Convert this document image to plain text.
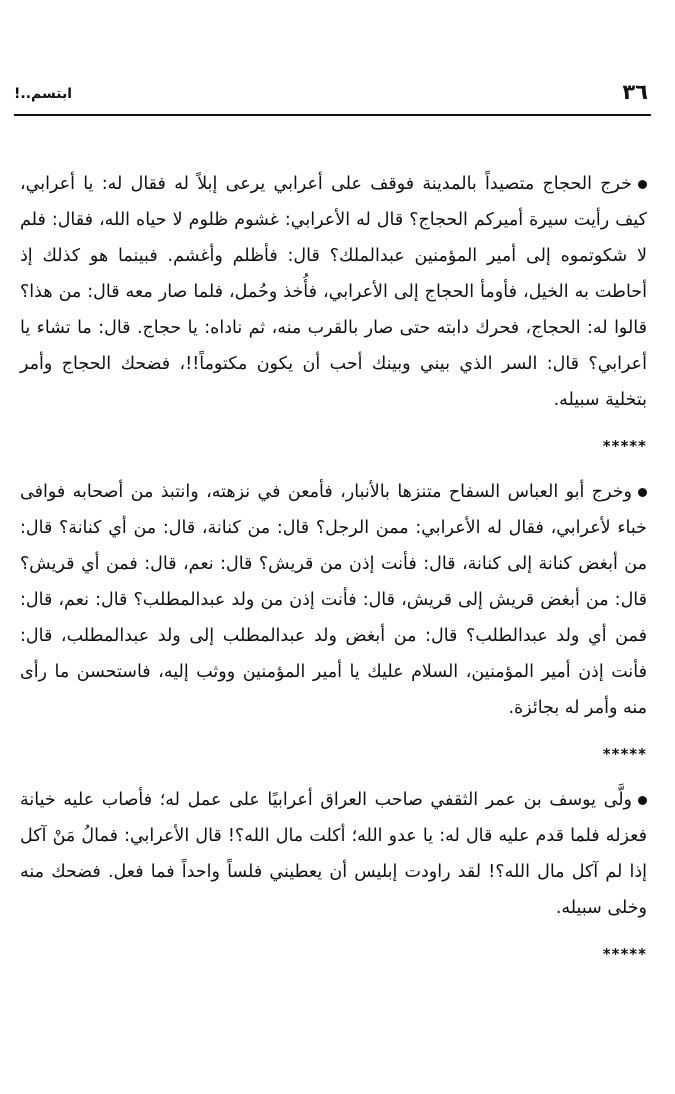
٣٦
ابتسم..!

خرج الحجاج متصيداً بالمدينة فوقف على أعرابي يرعى إبلاً له فقال له: يا أعرابي، كيف رأيت سيرة أميركم الحجاج؟ قال له الأعرابي: غشوم ظلوم لا حياه الله، فقال: فلم لا شكوتموه إلى أمير المؤمنين عبدالملك؟ قال: فأظلم وأغشم. فبينما هو كذلك إذ أحاطت به الخيل، فأومأ الحجاج إلى الأعرابي، فأُخذ وحُمل، فلما صار معه قال: من هذا؟ قالوا له: الحجاج، فحرك دابته حتى صار بالقرب منه، ثم ناداه: يا حجاج. قال: ما تشاء يا أعرابي؟ قال: السر الذي بيني وبينك أحب أن يكون مكتوماً!!، فضحك الحجاج وأمر بتخلية سبيله.

*****

وخرج أبو العباس السفاح متنزها بالأنبار، فأمعن في نزهته، وانتبذ من أصحابه فوافى خباء لأعرابي، فقال له الأعرابي: ممن الرجل؟ قال: من كنانة، قال: من أي كنانة؟ قال: من أبغض كنانة إلى كنانة، قال: فأنت إذن من قريش؟ قال: نعم، قال: فمن أي قريش؟ قال: من أبغض قريش إلى قريش، قال: فأنت إذن من ولد عبدالمطلب؟ قال: نعم، قال: فمن أي ولد عبدالطلب؟ قال: من أبغض ولد عبدالمطلب إلى ولد عبدالمطلب، قال: فأنت إذن أمير المؤمنين، السلام عليك يا أمير المؤمنين ووثب إليه، فاستحسن ما رأى منه وأمر له بجائزة.

*****

ولَّى يوسف بن عمر الثقفي صاحب العراق أعرابيًا على عمل له؛ فأصاب عليه خيانة فعزله فلما قدم عليه قال له: يا عدو الله؛ أكلت مال الله؟! قال الأعرابي: فمالُ مَنْ آكل إذا لم آكل مال الله؟! لقد راودت إبليس أن يعطيني فلساً واحداً فما فعل. فضحك منه وخلى سبيله.

*****
